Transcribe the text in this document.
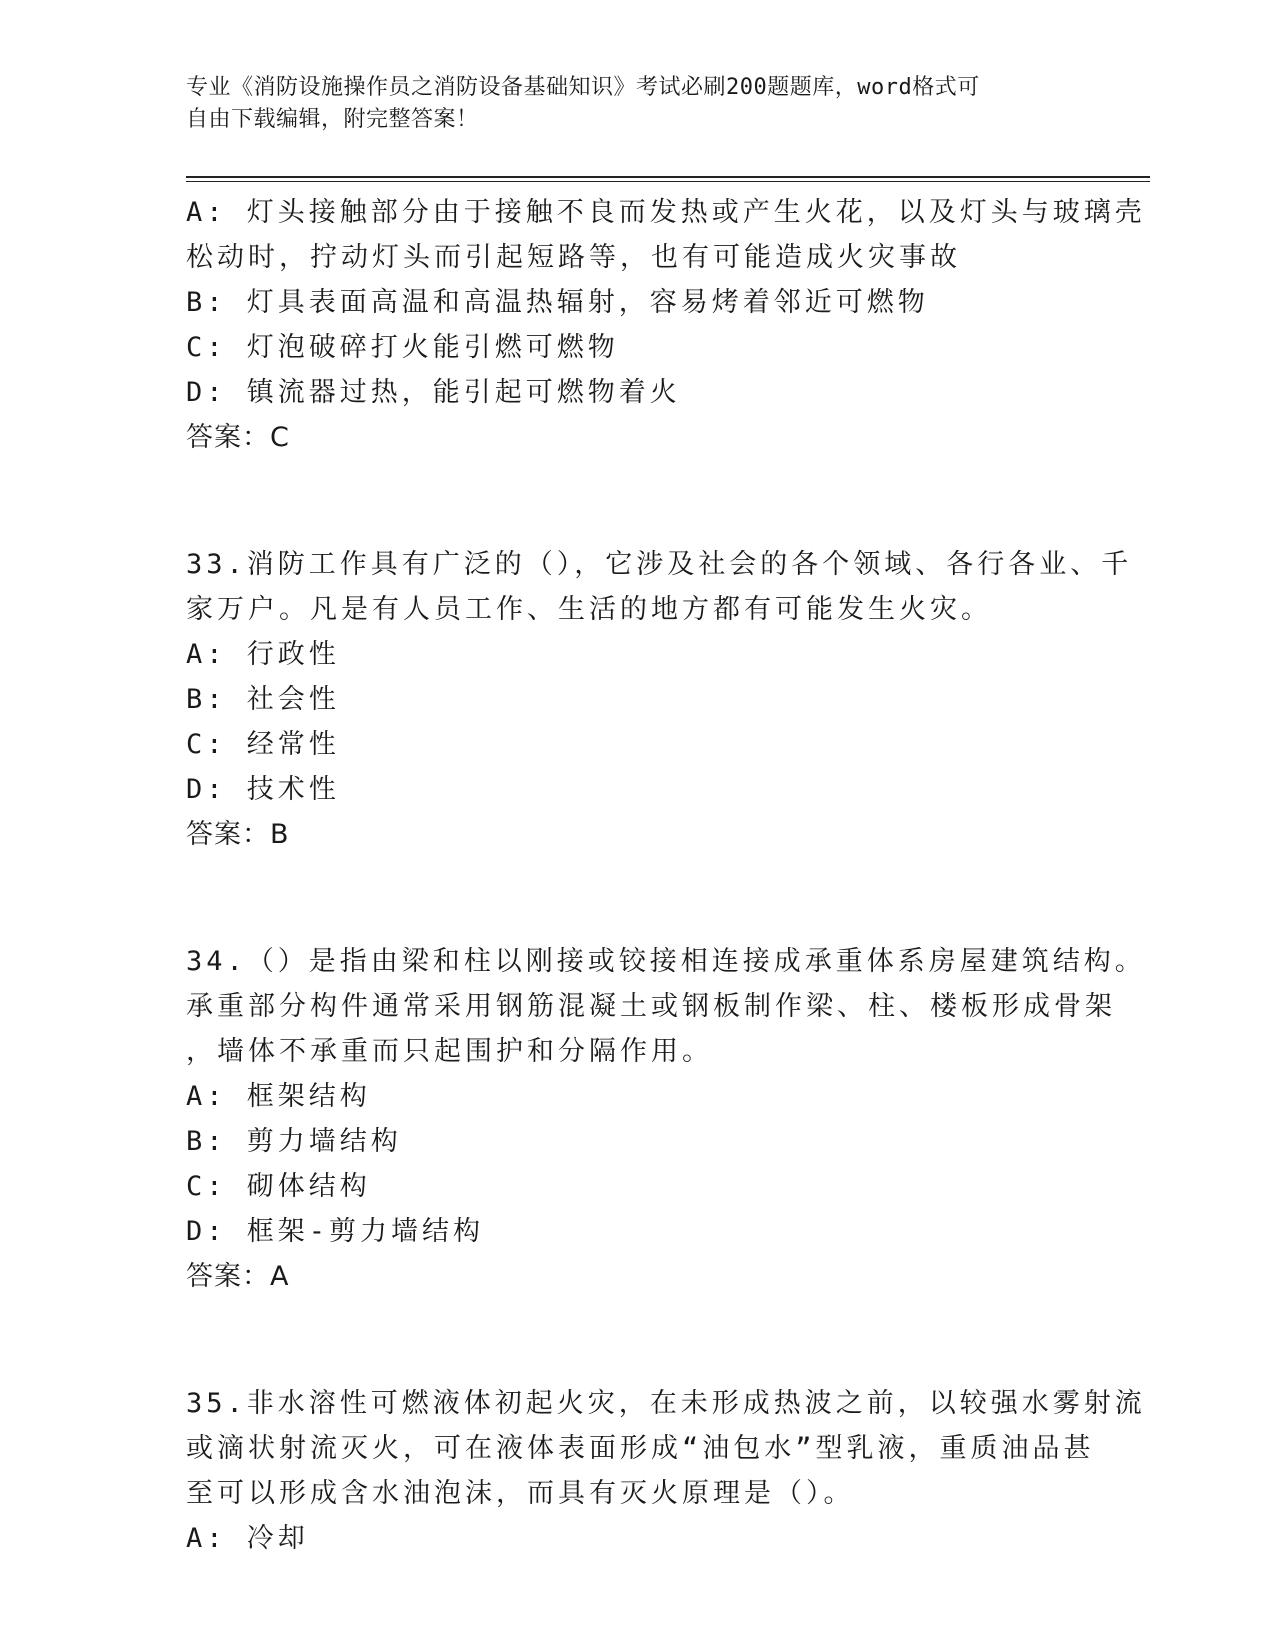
专业《消防设施操作员之消防设备基础知识》考试必刷200题题库，word格式可
自由下载编辑，附完整答案！
A: 灯头接触部分由于接触不良而发热或产生火花，以及灯头与玻璃壳
松动时，拧动灯头而引起短路等，也有可能造成火灾事故
B: 灯具表面高温和高温热辐射，容易烤着邻近可燃物
C: 灯泡破碎打火能引燃可燃物
D: 镇流器过热，能引起可燃物着火
答案：C
33.消防工作具有广泛的（），它涉及社会的各个领域、各行各业、千
家万户。凡是有人员工作、生活的地方都有可能发生火灾。
A: 行政性
B: 社会性
C: 经常性
D: 技术性
答案：B
34.（）是指由梁和柱以刚接或铰接相连接成承重体系房屋建筑结构。
承重部分构件通常采用钢筋混凝土或钢板制作梁、柱、楼板形成骨架
，墙体不承重而只起围护和分隔作用。
A: 框架结构
B: 剪力墙结构
C: 砌体结构
D: 框架-剪力墙结构
答案：A
35.非水溶性可燃液体初起火灾，在未形成热波之前，以较强水雾射流
或滴状射流灭火，可在液体表面形成“油包水”型乳液，重质油品甚
至可以形成含水油泡沫，而具有灭火原理是（）。
A: 冷却
